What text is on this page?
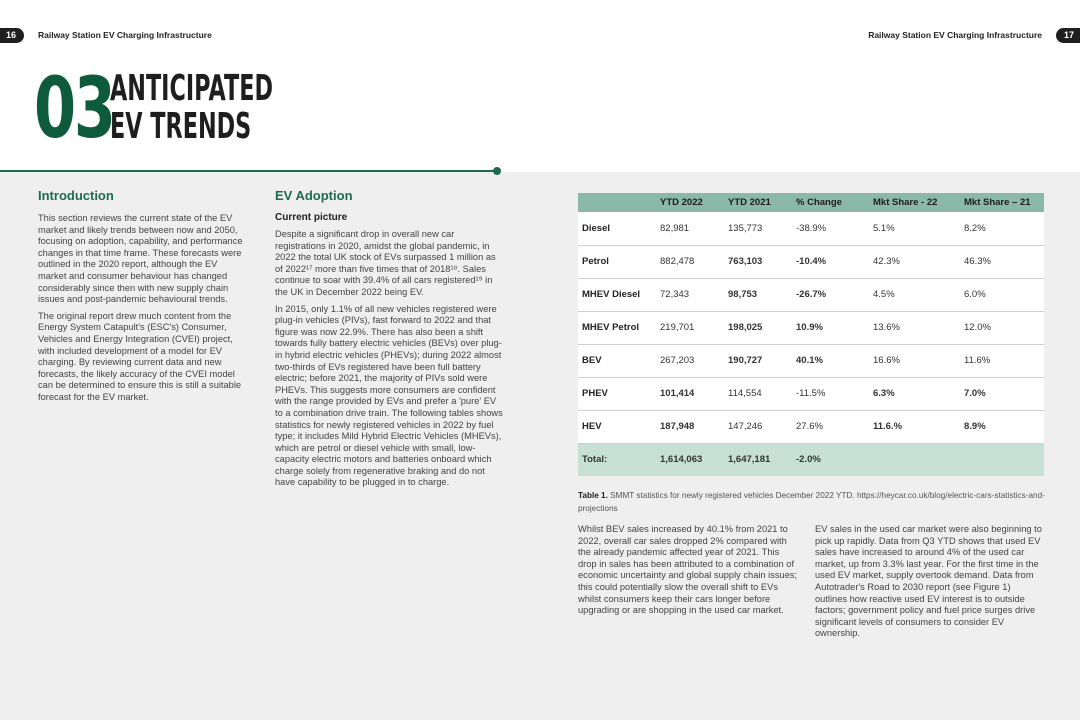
16	Railway Station EV Charging Infrastructure	Railway Station EV Charging Infrastructure	17
03
ANTICIPATED
EV TRENDS
Introduction

This section reviews the current state of the EV market and likely trends between now and 2050, focusing on adoption, capability, and performance changes in that time frame. These forecasts were outlined in the 2020 report, although the EV market and consumer behaviour has changed considerably since then with new supply chain issues and post-pandemic behavioural trends.

The original report drew much content from the Energy System Catapult's (ESC's) Consumer, Vehicles and Energy Integration (CVEI) project, with included development of a model for EV charging. By reviewing current data and new forecasts, the likely accuracy of the CVEI model can be determined to ensure this is still a suitable forecast for the EV market.

EV Adoption
Current picture

Despite a significant drop in overall new car registrations in 2020, amidst the global pandemic, in 2022 the total UK stock of EVs surpassed 1 million as of 2022¹⁷ more than five times that of 2018¹⁸. Sales continue to soar with 39.4% of all cars registered¹⁹ in the UK in December 2022 being EV.

In 2015, only 1.1% of all new vehicles registered were plug-in vehicles (PIVs), fast forward to 2022 and that figure was now 22.9%. There has also been a shift towards fully battery electric vehicles (BEVs) over plug-in hybrid electric vehicles (PHEVs); during 2022 almost two-thirds of EVs registered have been full battery electric; before 2021, the majority of PIVs sold were PHEVs. This suggests more consumers are confident with the range provided by EVs and prefer a 'pure' EV to a combination drive train. The following tables shows statistics for newly registered vehicles in 2022 by fuel type; it includes Mild Hybrid Electric Vehicles (MHEVs), which are petrol or diesel vehicle with small, low-capacity electric motors and batteries onboard which charge solely from regenerative braking and do not have capability to be plugged in to charge.

	YTD 2022	YTD 2021	% Change	Mkt Share - 22	Mkt Share – 21
Diesel	82,981	135,773	-38.9%	5.1%	8.2%
Petrol	882,478	763,103	-10.4%	42.3%	46.3%
MHEV Diesel	72,343	98,753	-26.7%	4.5%	6.0%
MHEV Petrol	219,701	198,025	10.9%	13.6%	12.0%
BEV	267,203	190,727	40.1%	16.6%	11.6%
PHEV	101,414	114,554	-11.5%	6.3%	7.0%
HEV	187,948	147,246	27.6%	11.6.%	8.9%
Total:	1,614,063	1,647,181	-2.0%		
Table 1. SMMT statistics for newly registered vehicles December 2022 YTD. https://heycar.co.uk/blog/electric-cars-statistics-and-projections
Whilst BEV sales increased by 40.1% from 2021 to 2022, overall car sales dropped 2% compared with the already pandemic affected year of 2021. This drop in sales has been attributed to a combination of economic uncertainty and global supply chain issues; this could potentially slow the overall shift to EVs whilst consumers keep their cars longer before upgrading or are shopping in the used car market.
EV sales in the used car market were also beginning to pick up rapidly. Data from Q3 YTD shows that used EV sales have increased to around 4% of the used car market, up from 3.3% last year. For the first time in the used EV market, supply overtook demand. Data from Autotrader's Road to 2030 report (see Figure 1) outlines how reactive used EV interest is to outside factors; government policy and fuel price surges drive significant levels of consumers to consider EV ownership.
